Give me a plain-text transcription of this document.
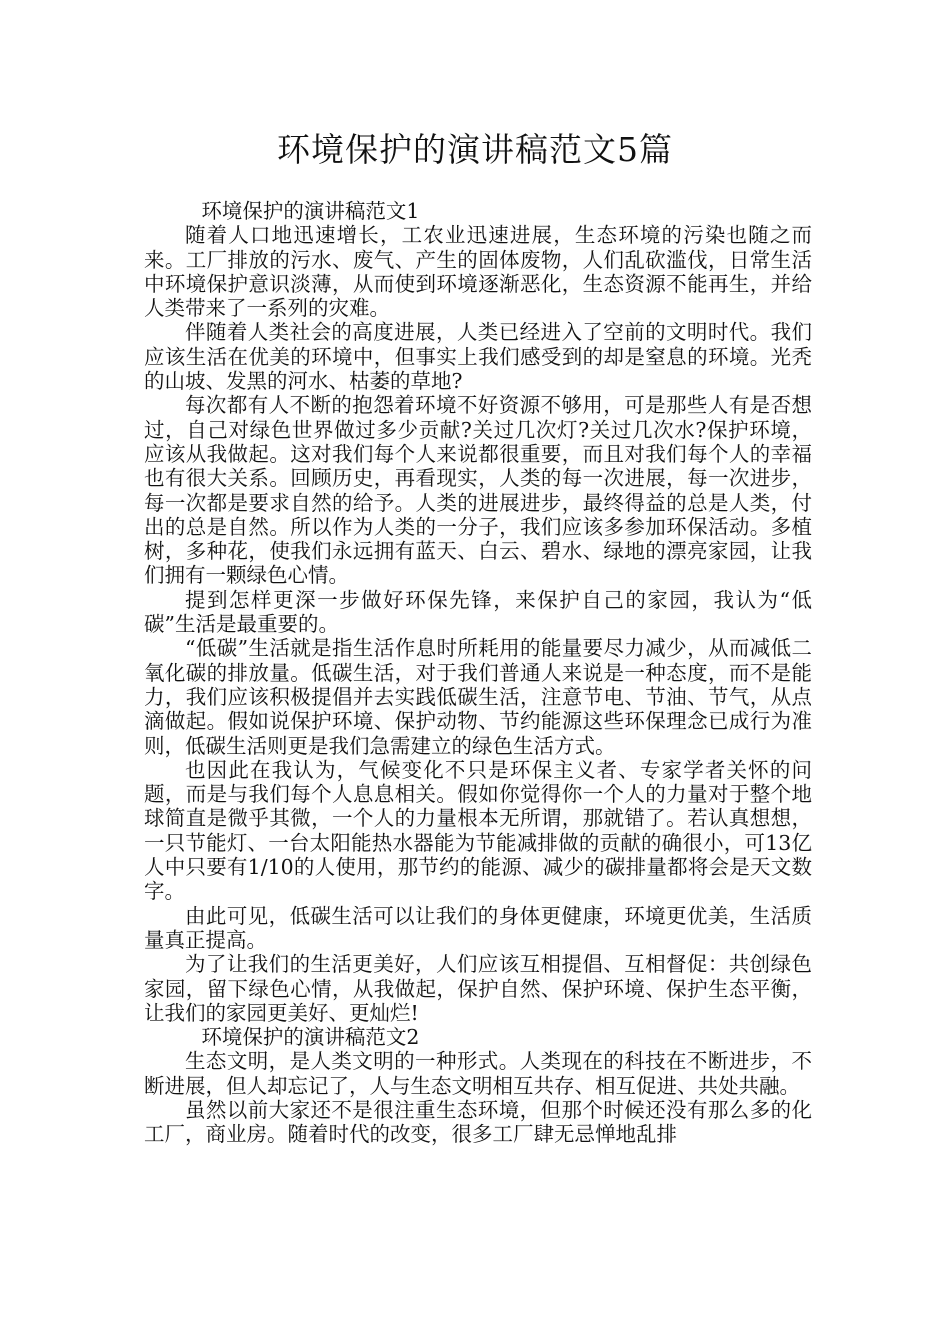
环境保护的演讲稿范文5篇

环境保护的演讲稿范文1

随着人口地迅速增长，工农业迅速进展，生态环境的污染也随之而来。工厂排放的污水、废气、产生的固体废物，人们乱砍滥伐，日常生活中环境保护意识淡薄，从而使到环境逐渐恶化，生态资源不能再生，并给人类带来了一系列的灾难。

伴随着人类社会的高度进展，人类已经进入了空前的文明时代。我们应该生活在优美的环境中，但事实上我们感受到的却是窒息的环境。光秃的山坡、发黑的河水、枯萎的草地?

每次都有人不断的抱怨着环境不好资源不够用，可是那些人有是否想过，自己对绿色世界做过多少贡献?关过几次灯?关过几次水?保护环境，应该从我做起。这对我们每个人来说都很重要，而且对我们每个人的幸福也有很大关系。回顾历史，再看现实，人类的每一次进展，每一次进步，每一次都是要求自然的给予。人类的进展进步，最终得益的总是人类，付出的总是自然。所以作为人类的一分子，我们应该多参加环保活动。多植树，多种花，使我们永远拥有蓝天、白云、碧水、绿地的漂亮家园，让我们拥有一颗绿色心情。

提到怎样更深一步做好环保先锋，来保护自己的家园，我认为“低碳”生活是最重要的。

“低碳”生活就是指生活作息时所耗用的能量要尽力减少，从而减低二氧化碳的排放量。低碳生活，对于我们普通人来说是一种态度，而不是能力，我们应该积极提倡并去实践低碳生活，注意节电、节油、节气，从点滴做起。假如说保护环境、保护动物、节约能源这些环保理念已成行为准则，低碳生活则更是我们急需建立的绿色生活方式。

也因此在我认为，气候变化不只是环保主义者、专家学者关怀的问题，而是与我们每个人息息相关。假如你觉得你一个人的力量对于整个地球简直是微乎其微，一个人的力量根本无所谓，那就错了。若认真想想，一只节能灯、一台太阳能热水器能为节能减排做的贡献的确很小，可13亿人中只要有1/10的人使用，那节约的能源、减少的碳排量都将会是天文数字。

由此可见，低碳生活可以让我们的身体更健康，环境更优美，生活质量真正提高。

为了让我们的生活更美好，人们应该互相提倡、互相督促：共创绿色家园，留下绿色心情，从我做起，保护自然、保护环境、保护生态平衡，让我们的家园更美好、更灿烂!

环境保护的演讲稿范文2

生态文明，是人类文明的一种形式。人类现在的科技在不断进步，不断进展，但人却忘记了，人与生态文明相互共存、相互促进、共处共融。

虽然以前大家还不是很注重生态环境，但那个时候还没有那么多的化工厂，商业房。随着时代的改变，很多工厂肆无忌惮地乱排
